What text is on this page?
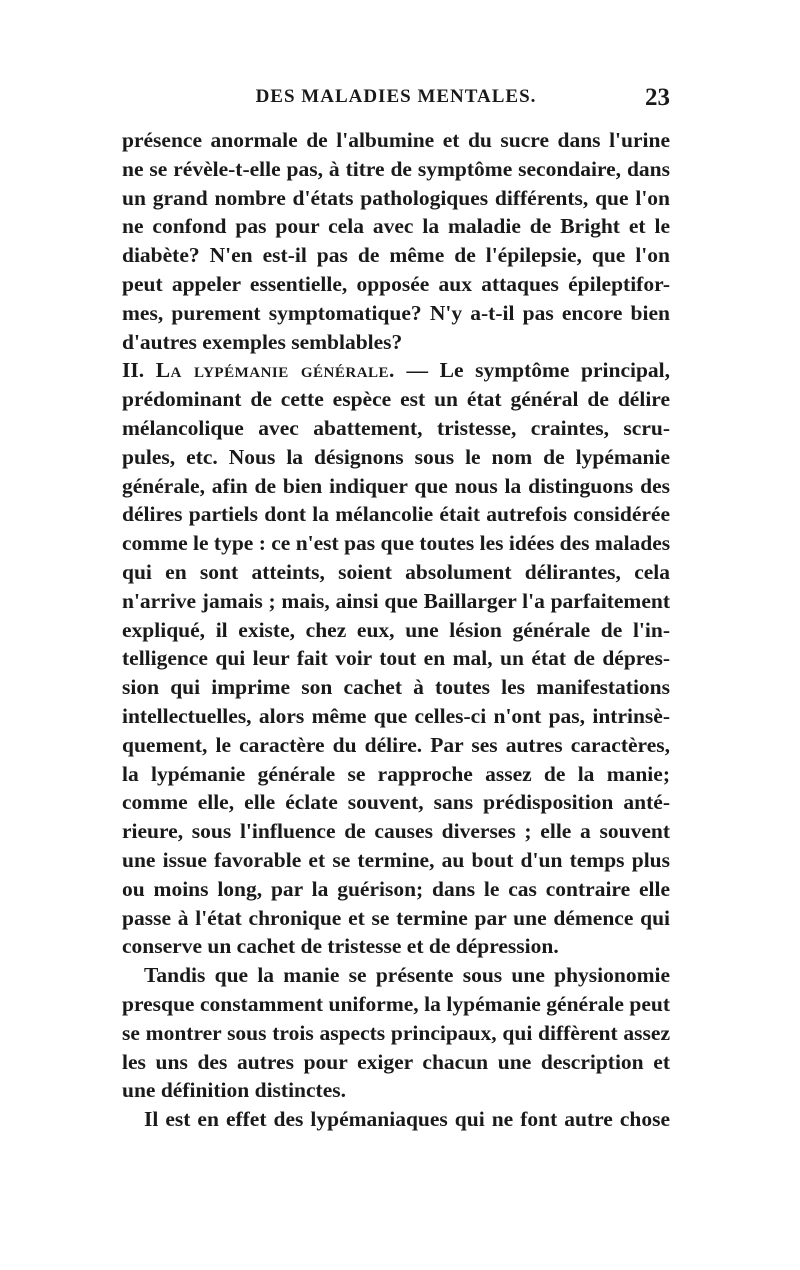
DES MALADIES MENTALES.	23
présence anormale de l'albumine et du sucre dans l'urine
ne se révèle-t-elle pas, à titre de symptôme secondaire, dans
un grand nombre d'états pathologiques différents, que l'on
ne confond pas pour cela avec la maladie de Bright et le
diabète? N'en est-il pas de même de l'épilepsie, que l'on
peut appeler essentielle, opposée aux attaques épileptifor-
mes, purement symptomatique? N'y a-t-il pas encore bien
d'autres exemples semblables?
II. La lypémanie générale. — Le symptôme principal,
prédominant de cette espèce est un état général de délire
mélancolique avec abattement, tristesse, craintes, scru-
pules, etc. Nous la désignons sous le nom de lypémanie
générale, afin de bien indiquer que nous la distinguons des
délires partiels dont la mélancolie était autrefois considérée
comme le type : ce n'est pas que toutes les idées des malades
qui en sont atteints, soient absolument délirantes, cela
n'arrive jamais ; mais, ainsi que Baillarger l'a parfaitement
expliqué, il existe, chez eux, une lésion générale de l'in-
telligence qui leur fait voir tout en mal, un état de dépres-
sion qui imprime son cachet à toutes les manifestations
intellectuelles, alors même que celles-ci n'ont pas, intrinsè-
quement, le caractère du délire. Par ses autres caractères,
la lypémanie générale se rapproche assez de la manie;
comme elle, elle éclate souvent, sans prédisposition anté-
rieure, sous l'influence de causes diverses ; elle a souvent
une issue favorable et se termine, au bout d'un temps plus
ou moins long, par la guérison; dans le cas contraire elle
passe à l'état chronique et se termine par une démence qui
conserve un cachet de tristesse et de dépression.
Tandis que la manie se présente sous une physionomie
presque constamment uniforme, la lypémanie générale peut
se montrer sous trois aspects principaux, qui diffèrent assez
les uns des autres pour exiger chacun une description et
une définition distinctes.
Il est en effet des lypémaniaques qui ne font autre chose
